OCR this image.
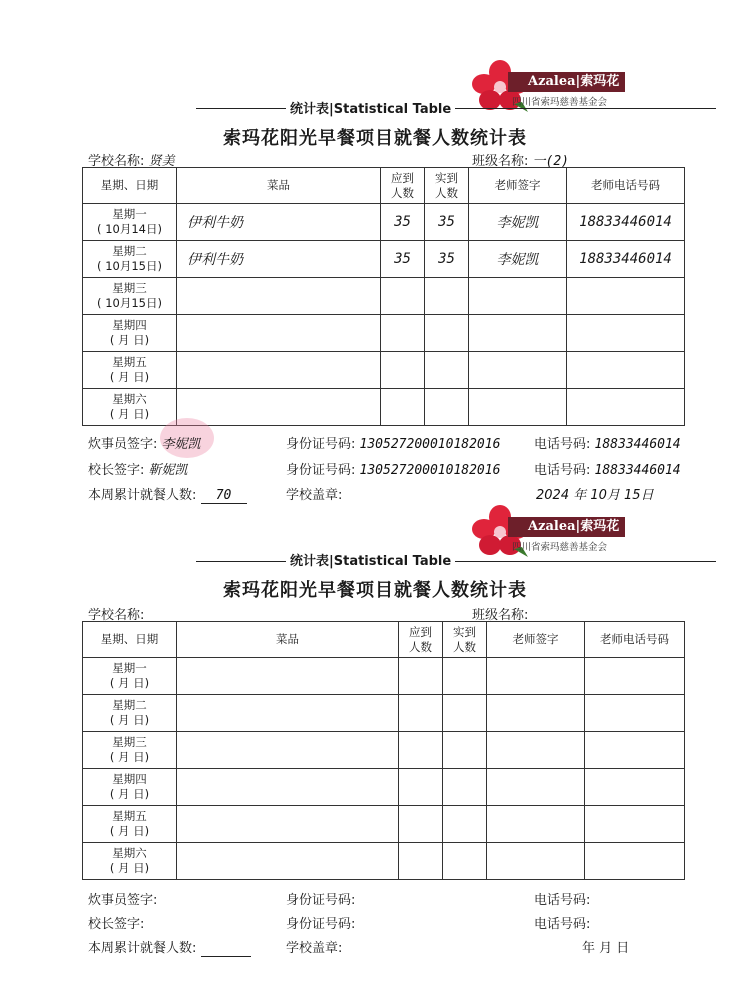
Azalea|索玛花
四川省索玛慈善基金会
统计表|Statistical Table
索玛花阳光早餐项目就餐人数统计表
学校名称: 贤美	班级名称: 一(2)
星期、日期	菜品	应到
人数	实到
人数	老师签字	老师电话号码

星期一
( 10月14日)	伊利牛奶	35	35	李妮凯	18833446014

星期二
( 10月15日)	伊利牛奶	35	35	李妮凯	18833446014

星期三
( 10月15日)					

星期四
( 月 日)					

星期五
( 月 日)					

星期六
( 月 日)					

炊事员签字: 李妮凯	身份证号码: 130527200010182016	电话号码: 18833446014
校长签字: 靳妮凯	身份证号码: 130527200010182016	电话号码: 18833446014
本周累计就餐人数: 70	学校盖章:	2024 年 10月 15日
Azalea|索玛花
四川省索玛慈善基金会
统计表|Statistical Table
索玛花阳光早餐项目就餐人数统计表
学校名称:	班级名称:
星期、日期	菜品	应到
人数	实到
人数	老师签字	老师电话号码

星期一
( 月 日)					

星期二
( 月 日)					

星期三
( 月 日)					

星期四
( 月 日)					

星期五
( 月 日)					

星期六
( 月 日)					

炊事员签字:	身份证号码:	电话号码:
校长签字:	身份证号码:	电话号码:
本周累计就餐人数:	学校盖章:	年 月 日
